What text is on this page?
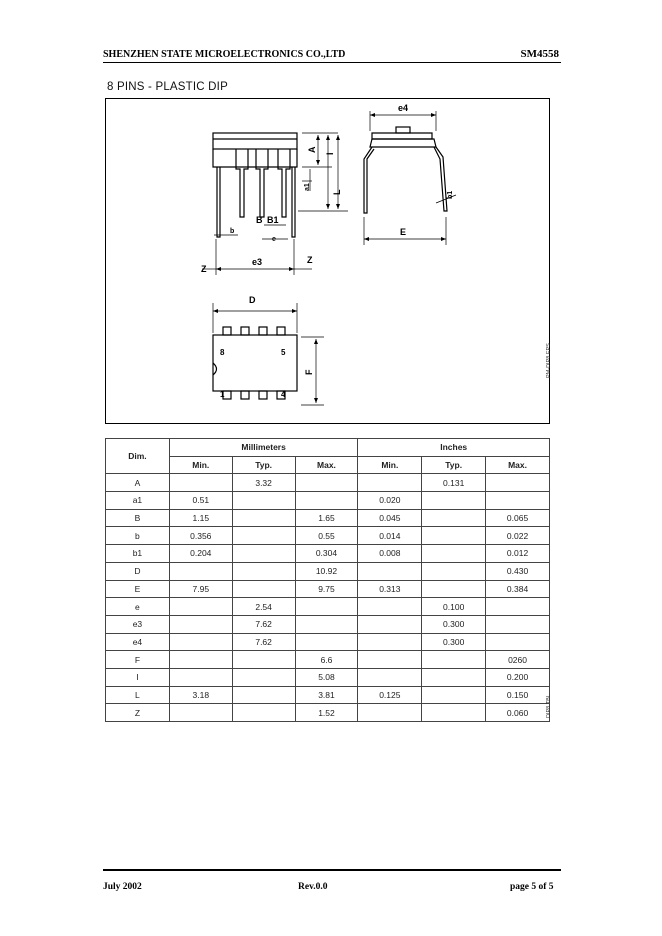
SHENZHEN STATE MICROELECTRONICS CO.,LTD	SM4558
8 PINS - PLASTIC DIP
A
I
a1
L
B B1
b
e
e3
Z
Z
e4
b1
E
D
F
8	5
1	4
PM-DIP8.EPS
Dim.	Millimeters			Inches		
	Min.	Typ.	Max.	Min.	Typ.	Max.
A		3.32			0.131	
a1	0.51			0.020		
B	1.15		1.65	0.045		0.065
b	0.356		0.55	0.014		0.022
b1	0.204		0.304	0.008		0.012
D			10.92			0.430
E	7.95		9.75	0.313		0.384
e		2.54			0.100	
e3		7.62			0.300	
e4		7.62			0.300	
F			6.6			0260
I			5.08			0.200
L	3.18		3.81	0.125		0.150
Z			1.52			0.060	DIP8.TBL
July 2002	Rev.0.0	page 5 of 5
